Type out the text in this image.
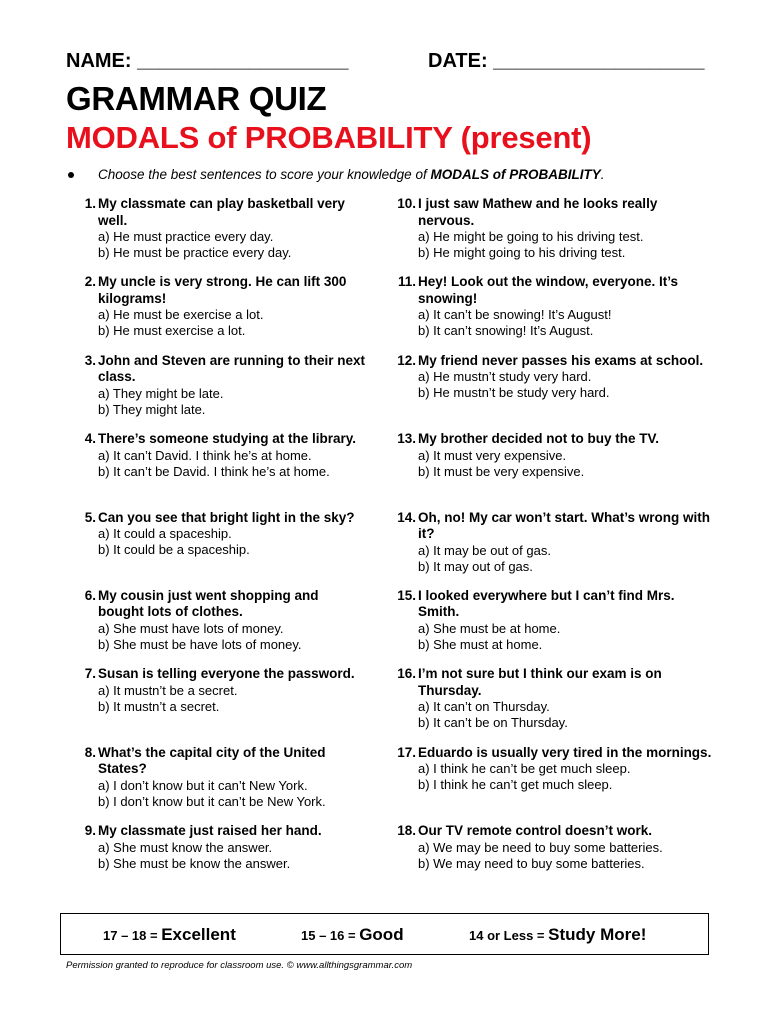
NAME: ___________________	DATE: ___________________
GRAMMAR QUIZ
MODALS of PROBABILITY (present)
Choose the best sentences to score your knowledge of MODALS of PROBABILITY.
1. My classmate can play basketball very well.
a) He must practice every day.
b) He must be practice every day.
2. My uncle is very strong. He can lift 300 kilograms!
a) He must be exercise a lot.
b) He must exercise a lot.
3. John and Steven are running to their next class.
a) They might be late.
b) They might late.
4. There’s someone studying at the library.
a) It can’t David. I think he’s at home.
b) It can’t be David. I think he’s at home.
5. Can you see that bright light in the sky?
a) It could a spaceship.
b) It could be a spaceship.
6. My cousin just went shopping and bought lots of clothes.
a) She must have lots of money.
b) She must be have lots of money.
7. Susan is telling everyone the password.
a) It mustn’t be a secret.
b) It mustn’t a secret.
8. What’s the capital city of the United States?
a) I don’t know but it can’t New York.
b) I don’t know but it can’t be New York.
9. My classmate just raised her hand.
a) She must know the answer.
b) She must be know the answer.
10. I just saw Mathew and he looks really nervous.
a) He might be going to his driving test.
b) He might going to his driving test.
11. Hey! Look out the window, everyone. It’s snowing!
a) It can’t be snowing! It’s August!
b) It can’t snowing! It’s August.
12. My friend never passes his exams at school.
a) He mustn’t study very hard.
b) He mustn’t be study very hard.
13. My brother decided not to buy the TV.
a) It must very expensive.
b) It must be very expensive.
14. Oh, no! My car won’t start. What’s wrong with it?
a) It may be out of gas.
b) It may out of gas.
15. I looked everywhere but I can’t find Mrs. Smith.
a) She must be at home.
b) She must at home.
16. I’m not sure but I think our exam is on Thursday.
a) It can’t on Thursday.
b) It can’t be on Thursday.
17. Eduardo is usually very tired in the mornings.
a) I think he can’t be get much sleep.
b) I think he can’t get much sleep.
18. Our TV remote control doesn’t work.
a) We may be need to buy some batteries.
b) We may need to buy some batteries.
17 – 18 = Excellent	15 – 16 = Good	14 or Less = Study More!
Permission granted to reproduce for classroom use. © www.allthingsgrammar.com
